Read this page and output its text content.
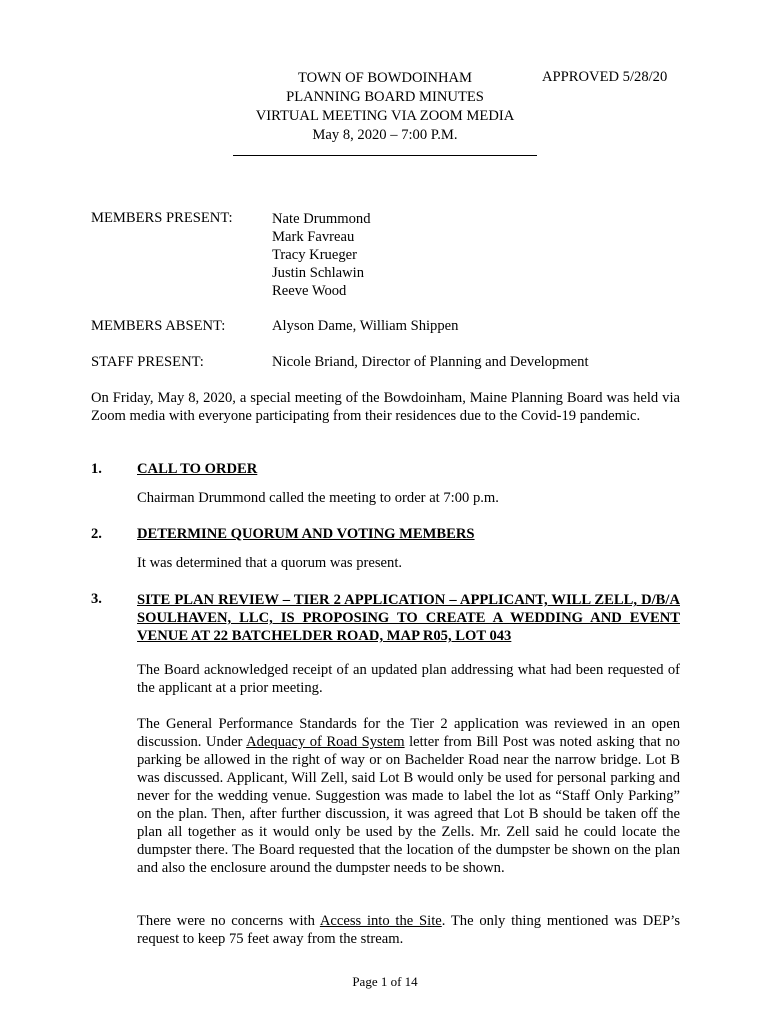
TOWN OF BOWDOINHAM	APPROVED 5/28/20
PLANNING BOARD MINUTES
VIRTUAL MEETING VIA ZOOM MEDIA
May 8, 2020 – 7:00 P.M.
MEMBERS PRESENT:	Nate Drummond
Mark Favreau
Tracy Krueger
Justin Schlawin
Reeve Wood
MEMBERS ABSENT:	Alyson Dame, William Shippen
STAFF PRESENT:	Nicole Briand, Director of Planning and Development
On Friday, May 8, 2020, a special meeting of the Bowdoinham, Maine Planning Board was held via Zoom media with everyone participating from their residences due to the Covid-19 pandemic.
1. CALL TO ORDER
Chairman Drummond called the meeting to order at 7:00 p.m.
2. DETERMINE QUORUM AND VOTING MEMBERS
It was determined that a quorum was present.
3. SITE PLAN REVIEW – TIER 2 APPLICATION – APPLICANT, WILL ZELL, D/B/A SOULHAVEN, LLC, IS PROPOSING TO CREATE A WEDDING AND EVENT VENUE AT 22 BATCHELDER ROAD, MAP R05, LOT 043
The Board acknowledged receipt of an updated plan addressing what had been requested of the applicant at a prior meeting.
The General Performance Standards for the Tier 2 application was reviewed in an open discussion. Under Adequacy of Road System letter from Bill Post was noted asking that no parking be allowed in the right of way or on Bachelder Road near the narrow bridge. Lot B was discussed. Applicant, Will Zell, said Lot B would only be used for personal parking and never for the wedding venue. Suggestion was made to label the lot as “Staff Only Parking” on the plan. Then, after further discussion, it was agreed that Lot B should be taken off the plan all together as it would only be used by the Zells. Mr. Zell said he could locate the dumpster there. The Board requested that the location of the dumpster be shown on the plan and also the enclosure around the dumpster needs to be shown.
There were no concerns with Access into the Site. The only thing mentioned was DEP’s request to keep 75 feet away from the stream.
Page 1 of 14
